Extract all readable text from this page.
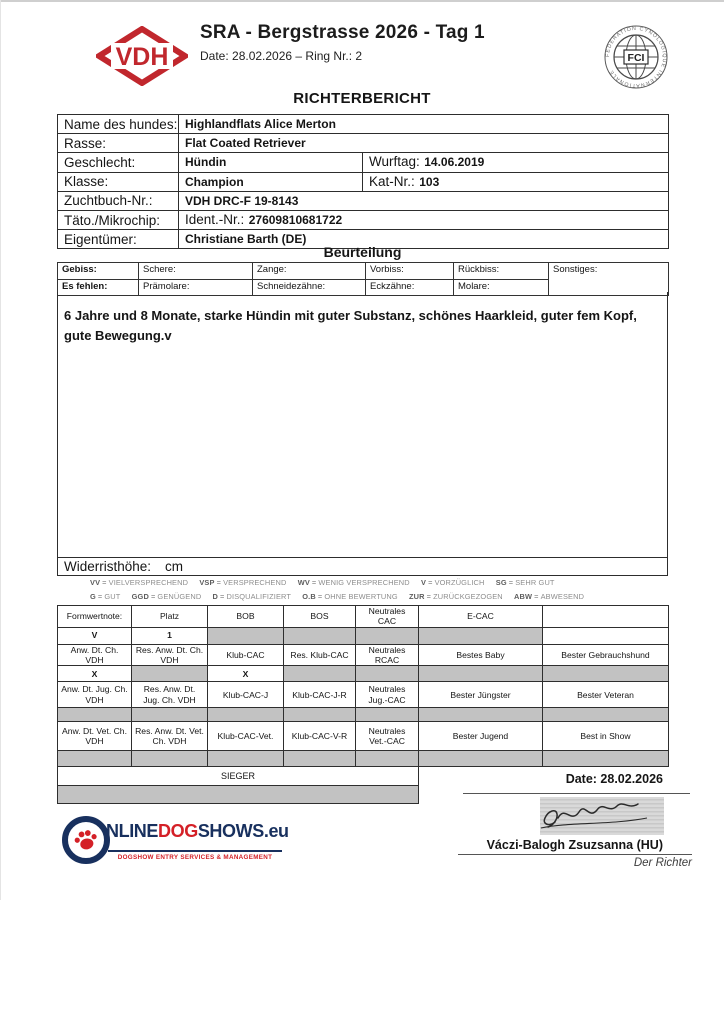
VDH
SRA - Bergstrasse 2026 - Tag 1
Date: 28.02.2026 – Ring Nr.: 2	FCI
FEDERATION CYNOLOGIQUE INTERNATIONALE
RICHTERBERICHT
Name des hundes:	Highlandflats Alice Merton	
Rasse:	Flat Coated Retriever	
Geschlecht:	Hündin	Wurftag: 14.06.2019
Klasse:	Champion	Kat-Nr.: 103
Zuchtbuch-Nr.:	VDH DRC-F 19-8143	
Täto./Mikrochip:	Ident.-Nr.: 27609810681722	
Eigentümer:	Christiane Barth (DE)	
Beurteilung
Gebiss:	Schere:	Zange:	Vorbiss:	Rückbiss:	Sonstiges:
Es fehlen:	Prämolare:	Schneidezähne:	Eckzähne:	Molare:	
6 Jahre und 8 Monate, starke Hündin mit guter Substanz, schönes Haarkleid, guter fem Kopf, gute Bewegung.v
Widerristhöhe: cm
VV = VIELVERSPRECHEND VSP = VERSPRECHEND WV = WENIG VERSPRECHEND V = VORZÜGLICH SG = SEHR GUT
G = GUT GGD = GENÜGEND D = DISQUALIFIZIERT O.B = OHNE BEWERTUNG ZUR = ZURÜCKGEZOGEN ABW = ABWESEND
Formwertnote:	Platz	BOB	BOS	Neutrales CAC	E-CAC	
V	1					
Anw. Dt. Ch. VDH	Res. Anw. Dt. Ch. VDH	Klub-CAC	Res. Klub-CAC	Neutrales RCAC	Bestes Baby	Bester Gebrauchshund
X		X				
Anw. Dt. Jug. Ch. VDH	Res. Anw. Dt. Jug. Ch. VDH	Klub-CAC-J	Klub-CAC-J-R	Neutrales Jug.-CAC	Bester Jüngster	Bester Veteran

Anw. Dt. Vet. Ch. VDH	Res. Anw. Dt. Vet. Ch. VDH	Klub-CAC-Vet.	Klub-CAC-V-R	Neutrales Vet.-CAC	Bester Jugend	Best in Show

SIEGER							Date: 28.02.2026
Váczi-Balogh Zsuzsanna (HU)
Der Richter
NLINEDOGSHOWS.eu
DOGSHOW ENTRY SERVICES & MANAGEMENT
